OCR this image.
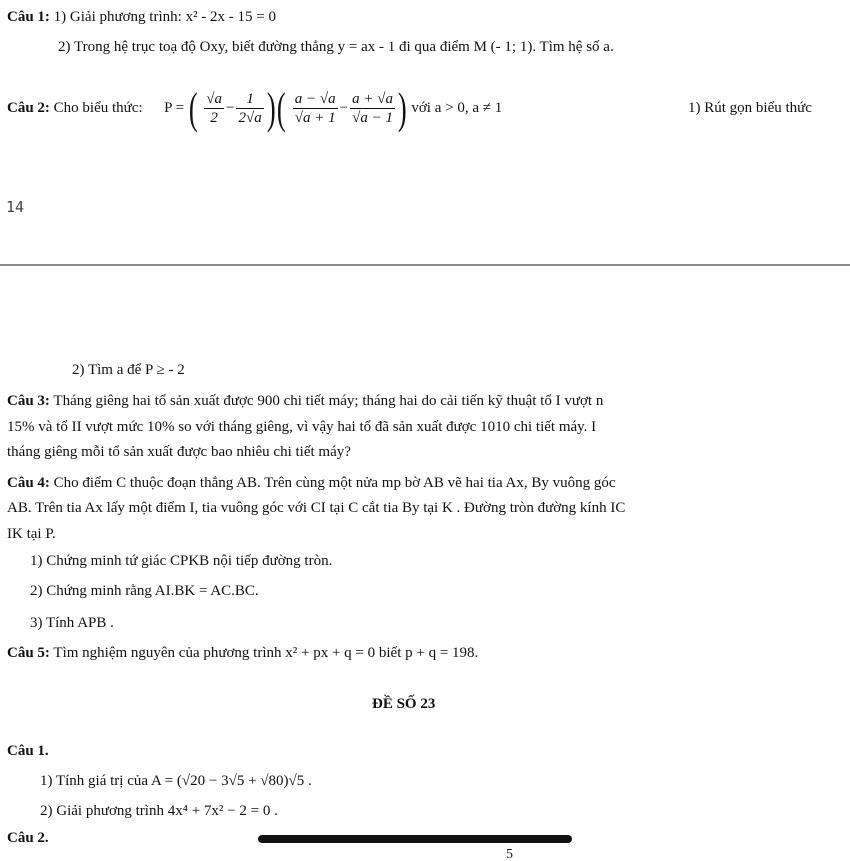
Câu 1: 1) Giải phương trình: x² - 2x - 15 = 0
2) Trong hệ trục toạ độ Oxy, biết đường thẳng y = ax - 1 đi qua điểm M (- 1; 1). Tìm hệ số a.
Câu 2: Cho biểu thức: P = ( $\frac{√a}{2} - \frac{1}{2√a}$ )( $\frac{a - √a}{√a + 1} - \frac{a + √a}{√a - 1}$ ) với a > 0, a ≠ 1	1) Rút gọn biểu thức
14
2) Tìm a để P ≥ - 2
Câu 3: Tháng giêng hai tổ sản xuất được 900 chi tiết máy; tháng hai do cải tiến kỹ thuật tổ I vượt n
15% và tổ II vượt mức 10% so với tháng giêng, vì vậy hai tổ đã sản xuất được 1010 chi tiết máy. I
tháng giêng mỗi tổ sản xuất được bao nhiêu chi tiết máy?
Câu 4: Cho điểm C thuộc đoạn thẳng AB. Trên cùng một nửa mp bờ AB vẽ hai tia Ax, By vuông góc
AB. Trên tia Ax lấy một điểm I, tia vuông góc với CI tại C cắt tia By tại K . Đường tròn đường kính IC
IK tại P.
1) Chứng minh tứ giác CPKB nội tiếp đường tròn.
2) Chứng minh rằng AI.BK = AC.BC.
3) Tính APB .
Câu 5: Tìm nghiệm nguyên của phương trình x² + px + q = 0 biết p + q = 198.
ĐỀ SỐ 23
Câu 1.
1) Tính giá trị của A = (√20 − 3√5 + √80)√5 .
2) Giải phương trình 4x⁴ + 7x² − 2 = 0 .
Câu 2.
5
